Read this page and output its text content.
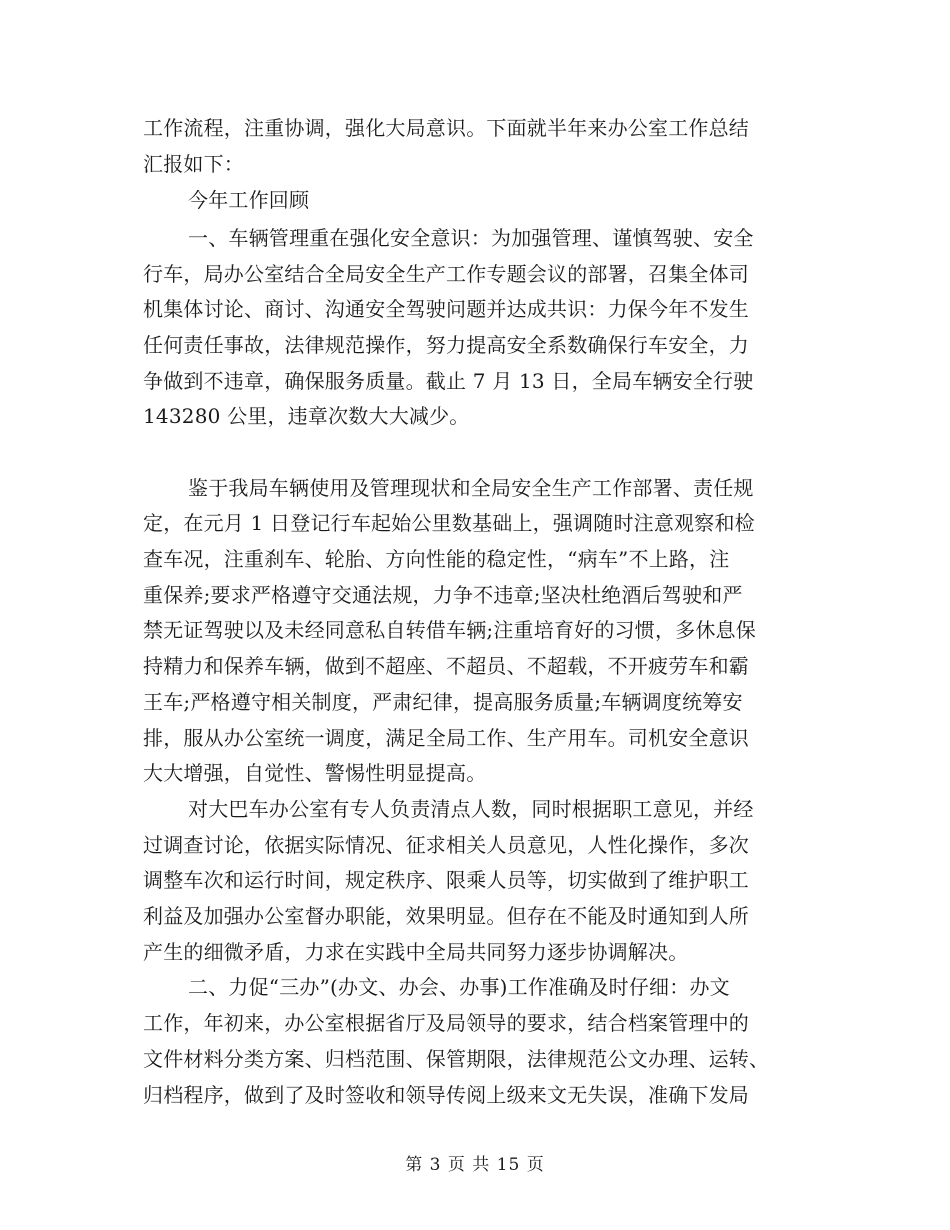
工作流程，注重协调，强化大局意识。下面就半年来办公室工作总结
汇报如下：
今年工作回顾
一、车辆管理重在强化安全意识：为加强管理、谨慎驾驶、安全
行车，局办公室结合全局安全生产工作专题会议的部署，召集全体司
机集体讨论、商讨、沟通安全驾驶问题并达成共识：力保今年不发生
任何责任事故，法律规范操作，努力提高安全系数确保行车安全，力
争做到不违章，确保服务质量。截止 7 月 13 日，全局车辆安全行驶
143280 公里，违章次数大大减少。
鉴于我局车辆使用及管理现状和全局安全生产工作部署、责任规
定，在元月 1 日登记行车起始公里数基础上，强调随时注意观察和检
查车况，注重刹车、轮胎、方向性能的稳定性，“病车”不上路，注
重保养;要求严格遵守交通法规，力争不违章;坚决杜绝酒后驾驶和严
禁无证驾驶以及未经同意私自转借车辆;注重培育好的习惯，多休息保
持精力和保养车辆，做到不超座、不超员、不超载，不开疲劳车和霸
王车;严格遵守相关制度，严肃纪律，提高服务质量;车辆调度统筹安
排，服从办公室统一调度，满足全局工作、生产用车。司机安全意识
大大增强，自觉性、警惕性明显提高。
对大巴车办公室有专人负责清点人数，同时根据职工意见，并经
过调查讨论，依据实际情况、征求相关人员意见，人性化操作，多次
调整车次和运行时间，规定秩序、限乘人员等，切实做到了维护职工
利益及加强办公室督办职能，效果明显。但存在不能及时通知到人所
产生的细微矛盾，力求在实践中全局共同努力逐步协调解决。
二、力促“三办”(办文、办会、办事)工作准确及时仔细：办文
工作，年初来，办公室根据省厅及局领导的要求，结合档案管理中的
文件材料分类方案、归档范围、保管期限，法律规范公文办理、运转、
归档程序，做到了及时签收和领导传阅上级来文无失误，准确下发局
第 3 页 共 15 页
